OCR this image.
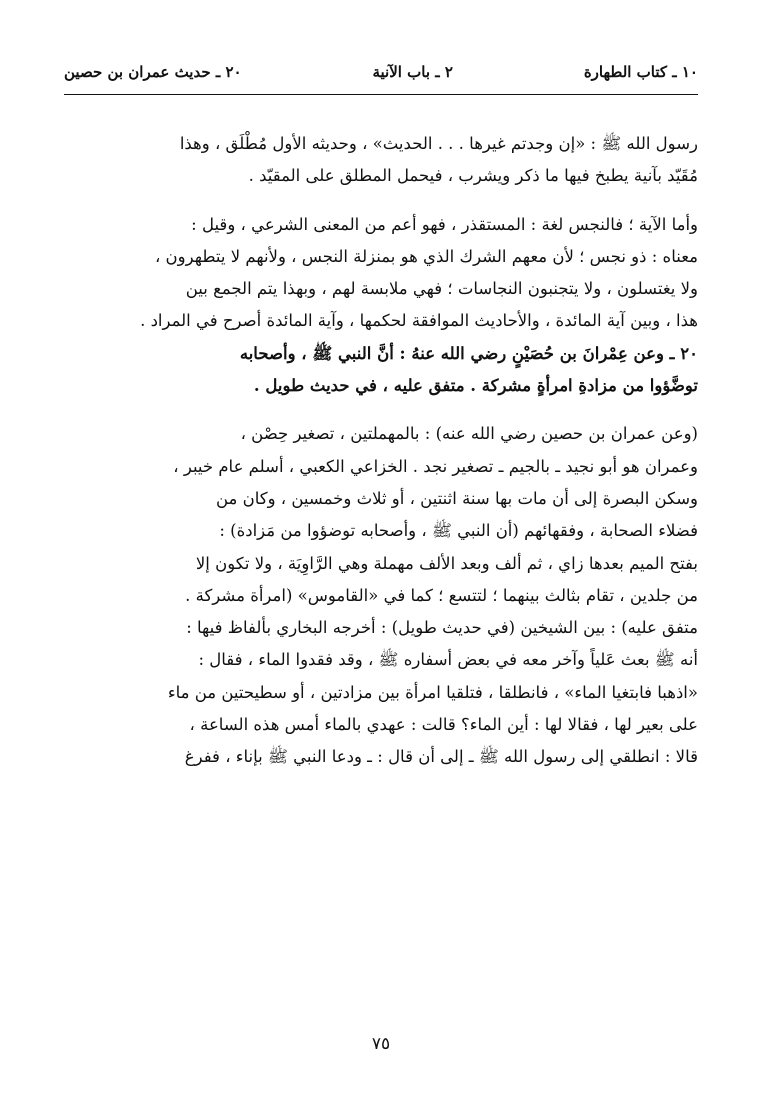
١٠ ـ كتاب الطهارة
٢ ـ باب الآنية
٢٠ ـ حديث عمران بن حصين
رسول الله ﷺ : «إن وجدتم غيرها . . . الحديث» ، وحديثه الأول مُطْلَق ، وهذا
مُقَيّد بآنية يطبخ فيها ما ذكر ويشرب ، فيحمل المطلق على المقيّد .
وأما الآية ؛ فالنجس لغة : المستقذر ، فهو أعم من المعنى الشرعي ، وقيل :
معناه : ذو نجس ؛ لأن معهم الشرك الذي هو بمنزلة النجس ، ولأنهم لا يتطهرون ،
ولا يغتسلون ، ولا يتجنبون النجاسات ؛ فهي ملابسة لهم ، وبهذا يتم الجمع بين
هذا ، وبين آية المائدة ، والأحاديث الموافقة لحكمها ، وآية المائدة أصرح في المراد .
٢٠ ـ وعن عِمْرانَ بن حُصَيْنٍ رضي الله عنهُ : أنَّ النبي ﷺ ، وأصحابه
توضَّؤوا من مزادةِ امرأةٍ مشركة . متفق عليه ، في حديث طويل .
(وعن عمران بن حصين رضي الله عنه) : بالمهملتين ، تصغير حِصْن ،
وعمران هو أبو نجيد ـ بالجيم ـ تصغير نجد . الخزاعي الكعبي ، أسلم عام خيبر ،
وسكن البصرة إلى أن مات بها سنة اثنتين ، أو ثلاث وخمسين ، وكان من
فضلاء الصحابة ، وفقهائهم (أن النبي ﷺ ، وأصحابه توضؤوا من مَزادة) :
بفتح الميم بعدها زاي ، ثم ألف وبعد الألف مهملة وهي الرَّاوِيَة ، ولا تكون إلا
من جلدين ، تقام بثالث بينهما ؛ لتتسع ؛ كما في «القاموس» (امرأة مشركة .
متفق عليه) : بين الشيخين (في حديث طويل) : أخرجه البخاري بألفاظ فيها :
أنه ﷺ بعث عَلياً وآخر معه في بعض أسفاره ﷺ ، وقد فقدوا الماء ، فقال :
«اذهبا فابتغيا الماء» ، فانطلقا ، فتلقيا امرأة بين مزادتين ، أو سطيحتين من ماء
على بعير لها ، فقالا لها : أين الماء؟ قالت : عهدي بالماء أمس هذه الساعة ،
قالا : انطلقي إلى رسول الله ﷺ ـ إلى أن قال : ـ ودعا النبي ﷺ بإناء ، ففرغ
٧٥
